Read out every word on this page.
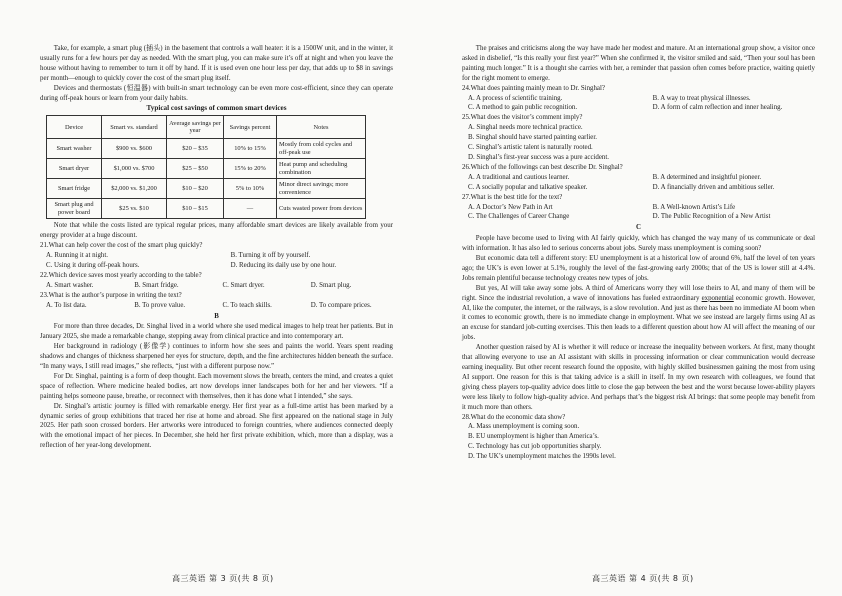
Take, for example, a smart plug (插头) in the basement that controls a wall heater: it is a 1500W unit, and in the winter, it usually runs for a few hours per day as needed. With the smart plug, you can make sure it’s off at night and when you leave the house without having to remember to turn it off by hand. If it is used even one hour less per day, that adds up to $8 in savings per month—enough to quickly cover the cost of the smart plug itself.

Devices and thermostats (恒温器) with built-in smart technology can be even more cost-efficient, since they can operate during off-peak hours or learn from your daily habits.

Typical cost savings of common smart devices
Device	Smart vs. standard	Average savings per year	Savings percent	Notes
Smart washer	$900 vs. $600	$20 – $35	10% to 15%	Mostly from cold cycles and off-peak use
Smart dryer	$1,000 vs. $700	$25 – $50	15% to 20%	Heat pump and scheduling combination
Smart fridge	$2,000 vs. $1,200	$10 – $20	5% to 10%	Minor direct savings; more convenience
Smart plug and power board	$25 vs. $10	$10 – $15	—	Cuts wasted power from devices

Note that while the costs listed are typical regular prices, many affordable smart devices are likely available from your energy provider at a huge discount.

21.What can help cover the cost of the smart plug quickly?
A. Running it at night.	B. Turning it off by yourself.
C. Using it during off-peak hours.	D. Reducing its daily use by one hour.
22.Which device saves most yearly according to the table?
A. Smart washer.	B. Smart fridge.	C. Smart dryer.	D. Smart plug.
23.What is the author’s purpose in writing the text?
A. To list data.	B. To prove value.	C. To teach skills.	D. To compare prices.
B

For more than three decades, Dr. Singhal lived in a world where she used medical images to help treat her patients. But in January 2025, she made a remarkable change, stepping away from clinical practice and into contemporary art.

Her background in radiology (影像学) continues to inform how she sees and paints the world. Years spent reading shadows and changes of thickness sharpened her eyes for structure, depth, and the fine architectures hidden beneath the surface. “In many ways, I still read images,” she reflects, “just with a different purpose now.”

For Dr. Singhal, painting is a form of deep thought. Each movement slows the breath, centers the mind, and creates a quiet space of reflection. Where medicine healed bodies, art now develops inner landscapes both for her and her viewers. “If a painting helps someone pause, breathe, or reconnect with themselves, then it has done what I intended,” she says.

Dr. Singhal’s artistic journey is filled with remarkable energy. Her first year as a full-time artist has been marked by a dynamic series of group exhibitions that traced her rise at home and abroad. She first appeared on the national stage in July 2025. Her path soon crossed borders. Her artworks were introduced to foreign countries, where audiences connected deeply with the emotional impact of her pieces. In December, she held her first private exhibition, which, more than a display, was a reflection of her year-long development.

The praises and criticisms along the way have made her modest and mature. At an international group show, a visitor once asked in disbelief, “Is this really your first year?” When she confirmed it, the visitor smiled and said, “Then your soul has been painting much longer.” It is a thought she carries with her, a reminder that passion often comes before practice, waiting quietly for the right moment to emerge.

24.What does painting mainly mean to Dr. Singhal?
A. A process of scientific training.	B. A way to treat physical illnesses.
C. A method to gain public recognition.	D. A form of calm reflection and inner healing.
25.What does the visitor’s comment imply?
A. Singhal needs more technical practice.
B. Singhal should have started painting earlier.
C. Singhal’s artistic talent is naturally rooted.
D. Singhal’s first-year success was a pure accident.
26.Which of the followings can best describe Dr. Singhal?
A. A traditional and cautious learner.	B. A determined and insightful pioneer.
C. A socially popular and talkative speaker.	D. A financially driven and ambitious seller.
27.What is the best title for the text?
A. A Doctor’s New Path in Art	B. A Well-known Artist’s Life
C. The Challenges of Career Change	D. The Public Recognition of a New Artist
C

People have become used to living with AI fairly quickly, which has changed the way many of us communicate or deal with information. It has also led to serious concerns about jobs. Surely mass unemployment is coming soon?

But economic data tell a different story: EU unemployment is at a historical low of around 6%, half the level of ten years ago; the UK’s is even lower at 5.1%, roughly the level of the fast-growing early 2000s; that of the US is lower still at 4.4%. Jobs remain plentiful because technology creates new types of jobs.

But yes, AI will take away some jobs. A third of Americans worry they will lose theirs to AI, and many of them will be right. Since the industrial revolution, a wave of innovations has fueled extraordinary exponential economic growth. However, AI, like the computer, the internet, or the railways, is a slow revolution. And just as there has been no immediate AI boom when it comes to economic growth, there is no immediate change in employment. What we see instead are largely firms using AI as an excuse for standard job-cutting exercises. This then leads to a different question about how AI will affect the meaning of our jobs.

Another question raised by AI is whether it will reduce or increase the inequality between workers. At first, many thought that allowing everyone to use an AI assistant with skills in processing information or clear communication would decrease earning inequality. But other recent research found the opposite, with highly skilled businessmen gaining the most from using AI support. One reason for this is that taking advice is a skill in itself. In my own research with colleagues, we found that giving chess players top-quality advice does little to close the gap between the best and the worst because lower-ability players were less likely to follow high-quality advice. And perhaps that’s the biggest risk AI brings: that some people may benefit from it much more than others.

28.What do the economic data show?
A. Mass unemployment is coming soon.
B. EU unemployment is higher than America’s.
C. Technology has cut job opportunities sharply.
D. The UK’s unemployment matches the 1990s level.
高三英语 第 3 页(共 8 页)	高三英语 第 4 页(共 8 页)
